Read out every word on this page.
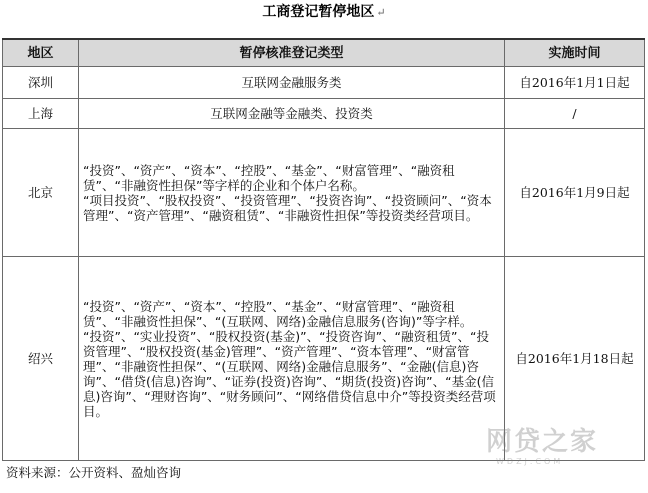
工商登记暂停地区 ↵
地区	暂停核准登记类型	实施时间
深圳	互联网金融服务类	自2016年1月1日起
上海	互联网金融等金融类、投资类	/
北京	“投资”、“资产”、“资本”、“控股”、“基金”、“财富管理”、“融资租赁”、“非融资性担保”等字样的企业和个体户名称。
“项目投资”、“股权投资”、“投资管理”、“投资咨询”、“投资顾问”、“资本管理”、“资产管理”、“融资租赁”、“非融资性担保”等投资类经营项目。	自2016年1月9日起
绍兴	“投资”、“资产”、“资本”、“控股”、“基金”、“财富管理”、“融资租赁”、“非融资性担保”、“(互联网、网络)金融信息服务(咨询)”等字样。
“投资”、“实业投资”、“股权投资(基金)”、“投资咨询”、“融资租赁”、“投资管理”、“股权投资(基金)管理”、“资产管理”、“资本管理”、“财富管理”、“非融资性担保”、“(互联网、网络)金融信息服务”、“金融(信息)咨询”、“借贷(信息)咨询”、“证券(投资)咨询”、“期货(投资)咨询”、“基金(信息)咨询”、“理财咨询”、“财务顾问”、“网络借贷信息中介”等投资类经营项目。	自2016年1月18日起
资料来源：公开资料、盈灿咨询
网贷之家
WDZJ.COM
